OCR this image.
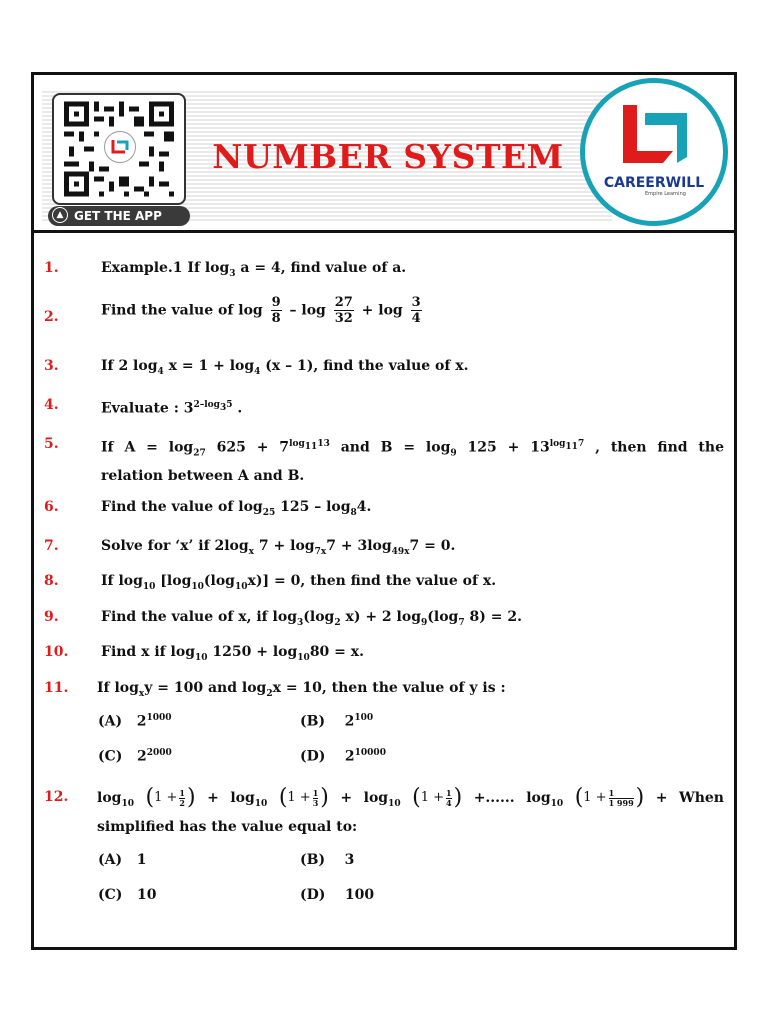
▲ GET THE APP
NUMBER SYSTEM
CAREERWILL
Empire Learning
1.	Example.1 If $\log_3 a = 4$, find value of a.
2.	Find the value of $\log \frac{9}{8} - \log \frac{27}{32} + \log \frac{3}{4}$
3.	If 2 $\log_4 x = 1 + \log_4 (x - 1)$, find the value of x.
4.	Evaluate : $3^{2-log_35}$ .
5.	If $A = \log_{27} 625 + 7^{log_{11}13}$ and $B = \log_9 125 + 13^{log_{11}7}$ , then find the
relation between A and B.
6.	Find the value of $\log_{25} 125 - \log_84$.
7.	Solve for ‘x’ if $2\log_x$ $7 + \log_{7x}7 + 3\log_{49x}7 = 0$.
8.	If $\log_{10} [\log_{10}(\log_{10}x)] = 0$, then find the value of x.
9.	Find the value of x, if $\log_3(\log_2$ x) + 2 $\log_9(\log_7$ 8) = 2.
10. Find x if $\log_{10} 1250 + \log_{10}80 = x$.
11. If $\log_xy = 100$ and $\log_2x = 10$, then the value of y is :
(A)   $2^{1000}$	(B)    $2^{100}$
(C)   $2^{2000}$	(D)    $2^{10000}$
12. $\log_{10} (1 + \frac{1}{2}$ ) + $\log_{10} (1 + \frac{1}{3}$ ) + $\log_{10} (1 + \frac{1}{4}$ ) +...... $\log_{10} (1 + \frac{1}{1 999}$ ) + When
simplified has the value equal to:
(A) 1	(B) 3
(C) 10	(D) 100
